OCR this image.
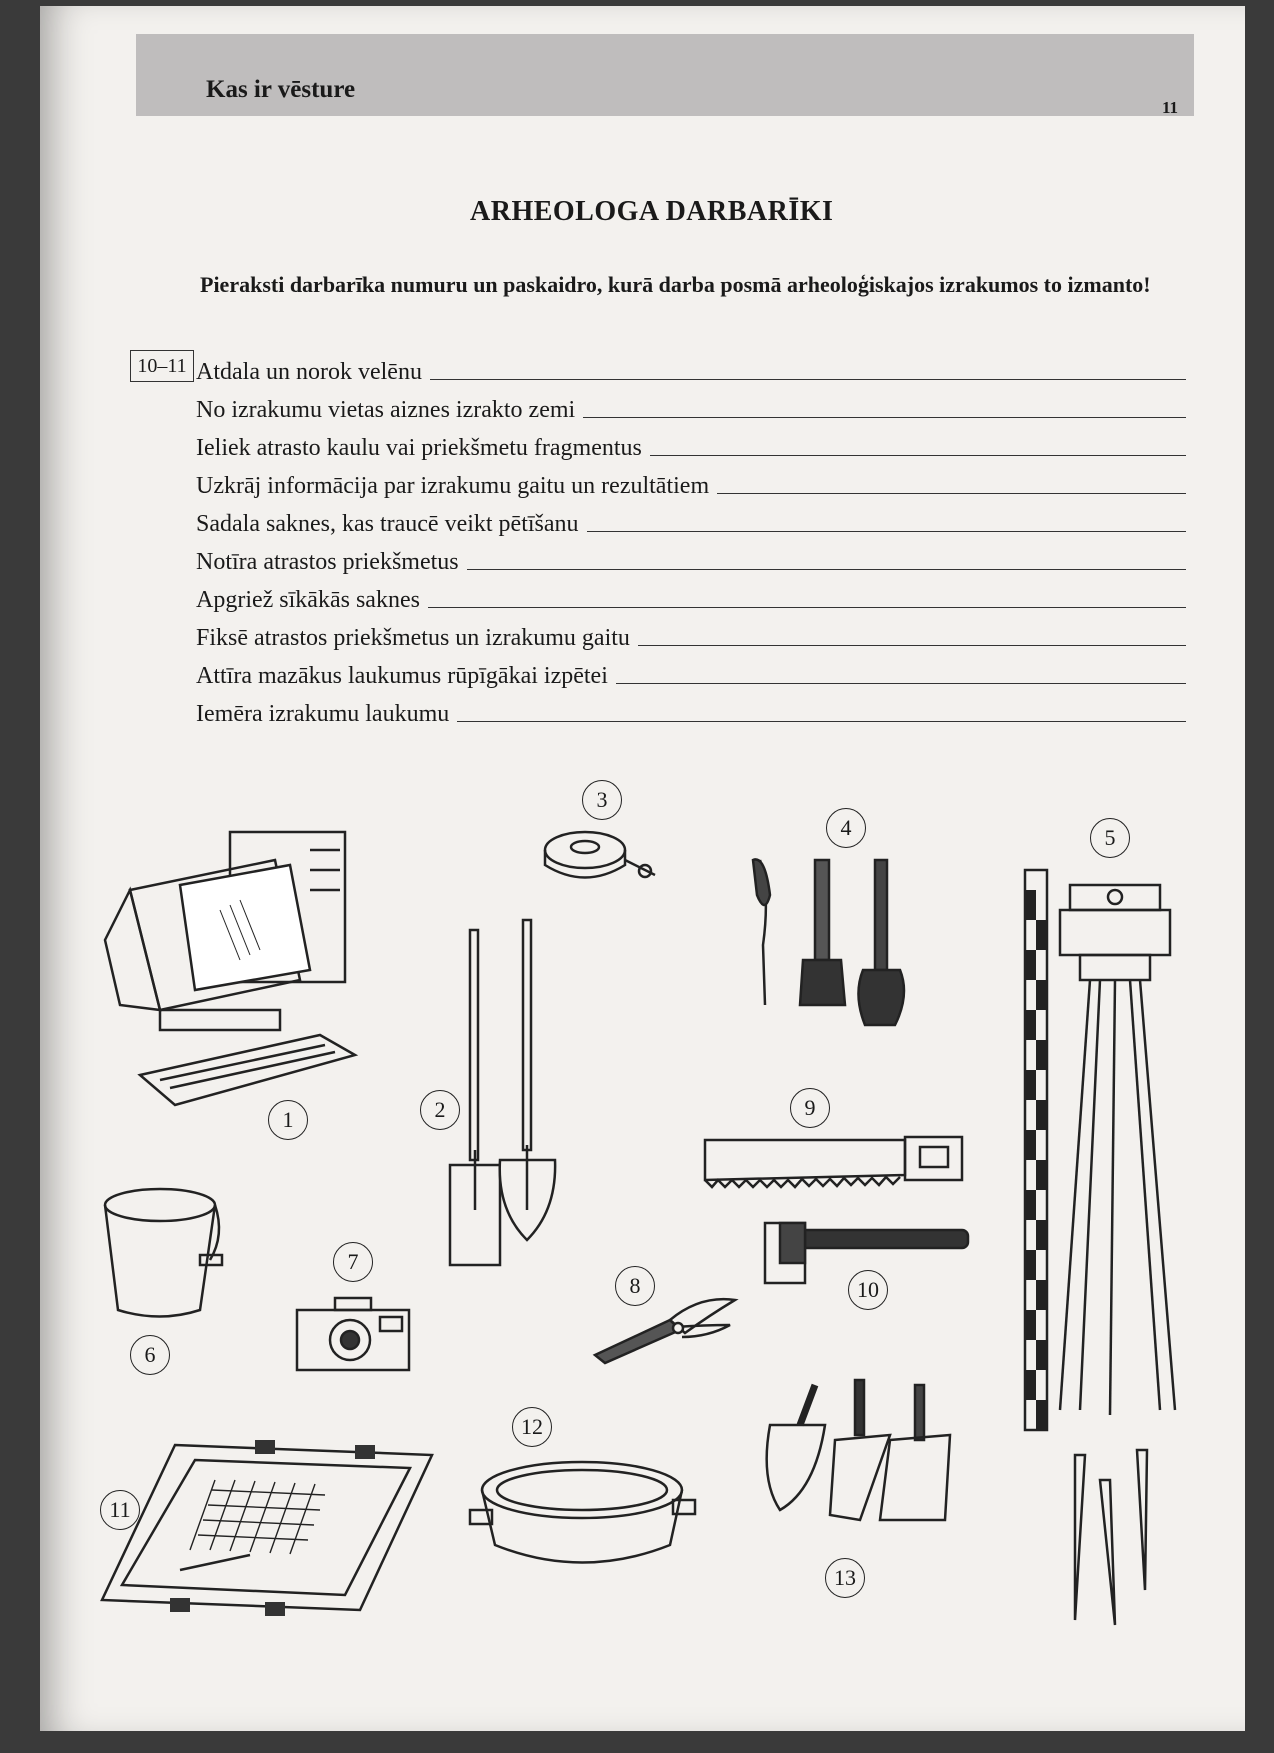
Kas ir vēsture
11
ARHEOLOGA DARBARĪKI
Pieraksti darbarīka numuru un paskaidro, kurā darba posmā arheoloģiskajos izrakumos to izmanto!
10–11 Atdala un norok velēnu
No izrakumu vietas aiznes izrakto zemi
Ieliek atrasto kaulu vai priekšmetu fragmentus
Uzkrāj informācija par izrakumu gaitu un rezultātiem
Sadala saknes, kas traucē veikt pētīšanu
Notīra atrastos priekšmetus
Apgriež sīkākās saknes
Fiksē atrastos priekšmetus un izrakumu gaitu
Attīra mazākus laukumus rūpīgākai izpētei
Iemēra izrakumu laukumu
1	2
3
4	5
6
7
8
9
10
11
12
13
